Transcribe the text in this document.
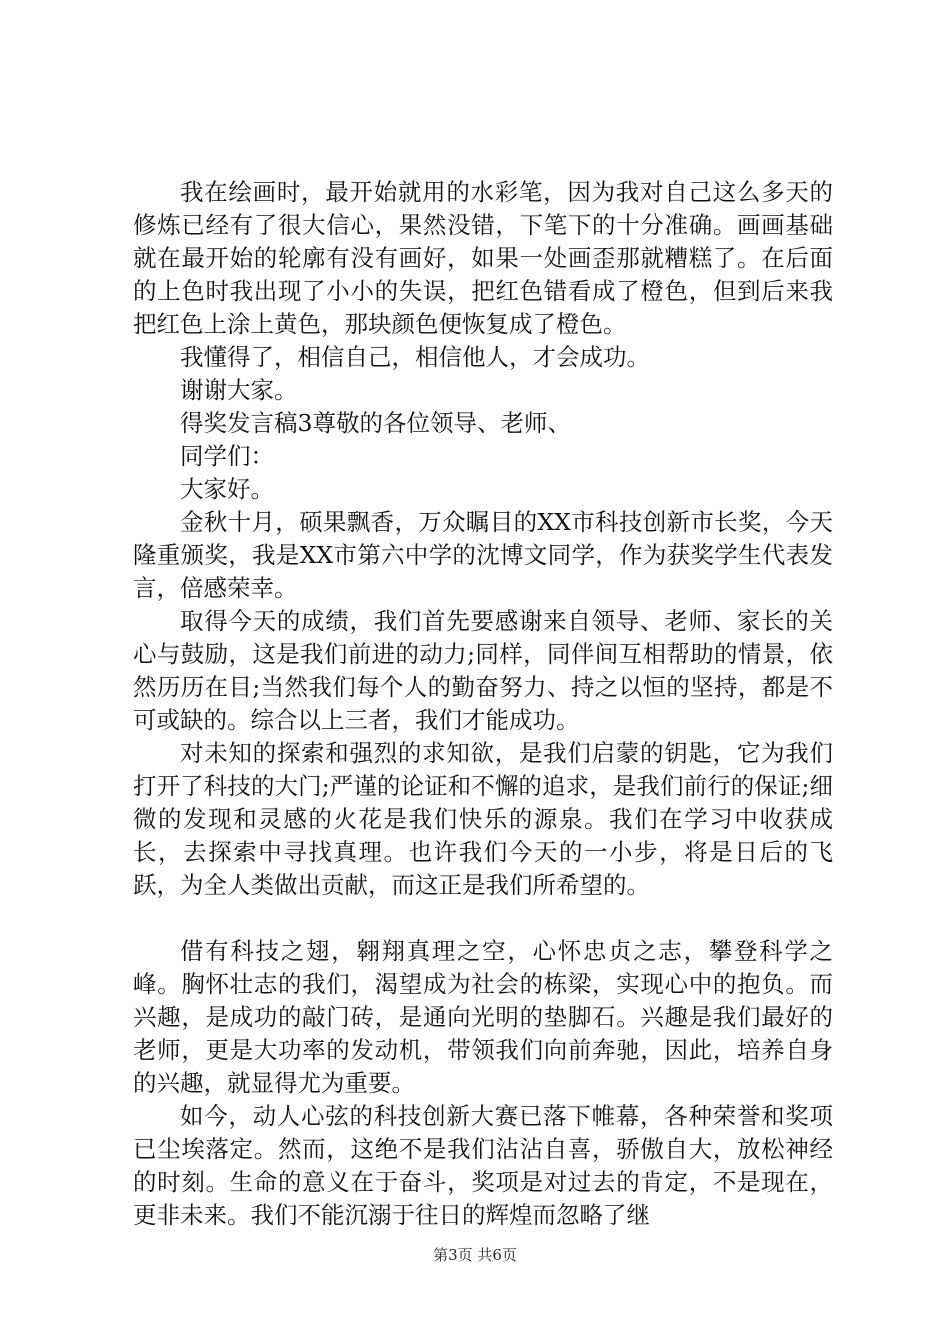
我在绘画时，最开始就用的水彩笔，因为我对自己这么多天的修炼已经有了很大信心，果然没错，下笔下的十分准确。画画基础就在最开始的轮廓有没有画好，如果一处画歪那就糟糕了。在后面的上色时我出现了小小的失误，把红色错看成了橙色，但到后来我把红色上涂上黄色，那块颜色便恢复成了橙色。

我懂得了，相信自己，相信他人，才会成功。

谢谢大家。

得奖发言稿3尊敬的各位领导、老师、

同学们：

大家好。

金秋十月，硕果飘香，万众瞩目的XX市科技创新市长奖，今天隆重颁奖，我是XX市第六中学的沈博文同学，作为获奖学生代表发言，倍感荣幸。

取得今天的成绩，我们首先要感谢来自领导、老师、家长的关心与鼓励，这是我们前进的动力;同样，同伴间互相帮助的情景，依然历历在目;当然我们每个人的勤奋努力、持之以恒的坚持，都是不可或缺的。综合以上三者，我们才能成功。

对未知的探索和强烈的求知欲，是我们启蒙的钥匙，它为我们打开了科技的大门;严谨的论证和不懈的追求，是我们前行的保证;细微的发现和灵感的火花是我们快乐的源泉。我们在学习中收获成长，去探索中寻找真理。也许我们今天的一小步，将是日后的飞跃，为全人类做出贡献，而这正是我们所希望的。

借有科技之翅，翱翔真理之空，心怀忠贞之志，攀登科学之峰。胸怀壮志的我们，渴望成为社会的栋梁，实现心中的抱负。而兴趣，是成功的敲门砖，是通向光明的垫脚石。兴趣是我们最好的老师，更是大功率的发动机，带领我们向前奔驰，因此，培养自身的兴趣，就显得尤为重要。

如今，动人心弦的科技创新大赛已落下帷幕，各种荣誉和奖项已尘埃落定。然而，这绝不是我们沾沾自喜，骄傲自大，放松神经的时刻。生命的意义在于奋斗，奖项是对过去的肯定，不是现在，更非未来。我们不能沉溺于往日的辉煌而忽略了继

第3页 共6页
